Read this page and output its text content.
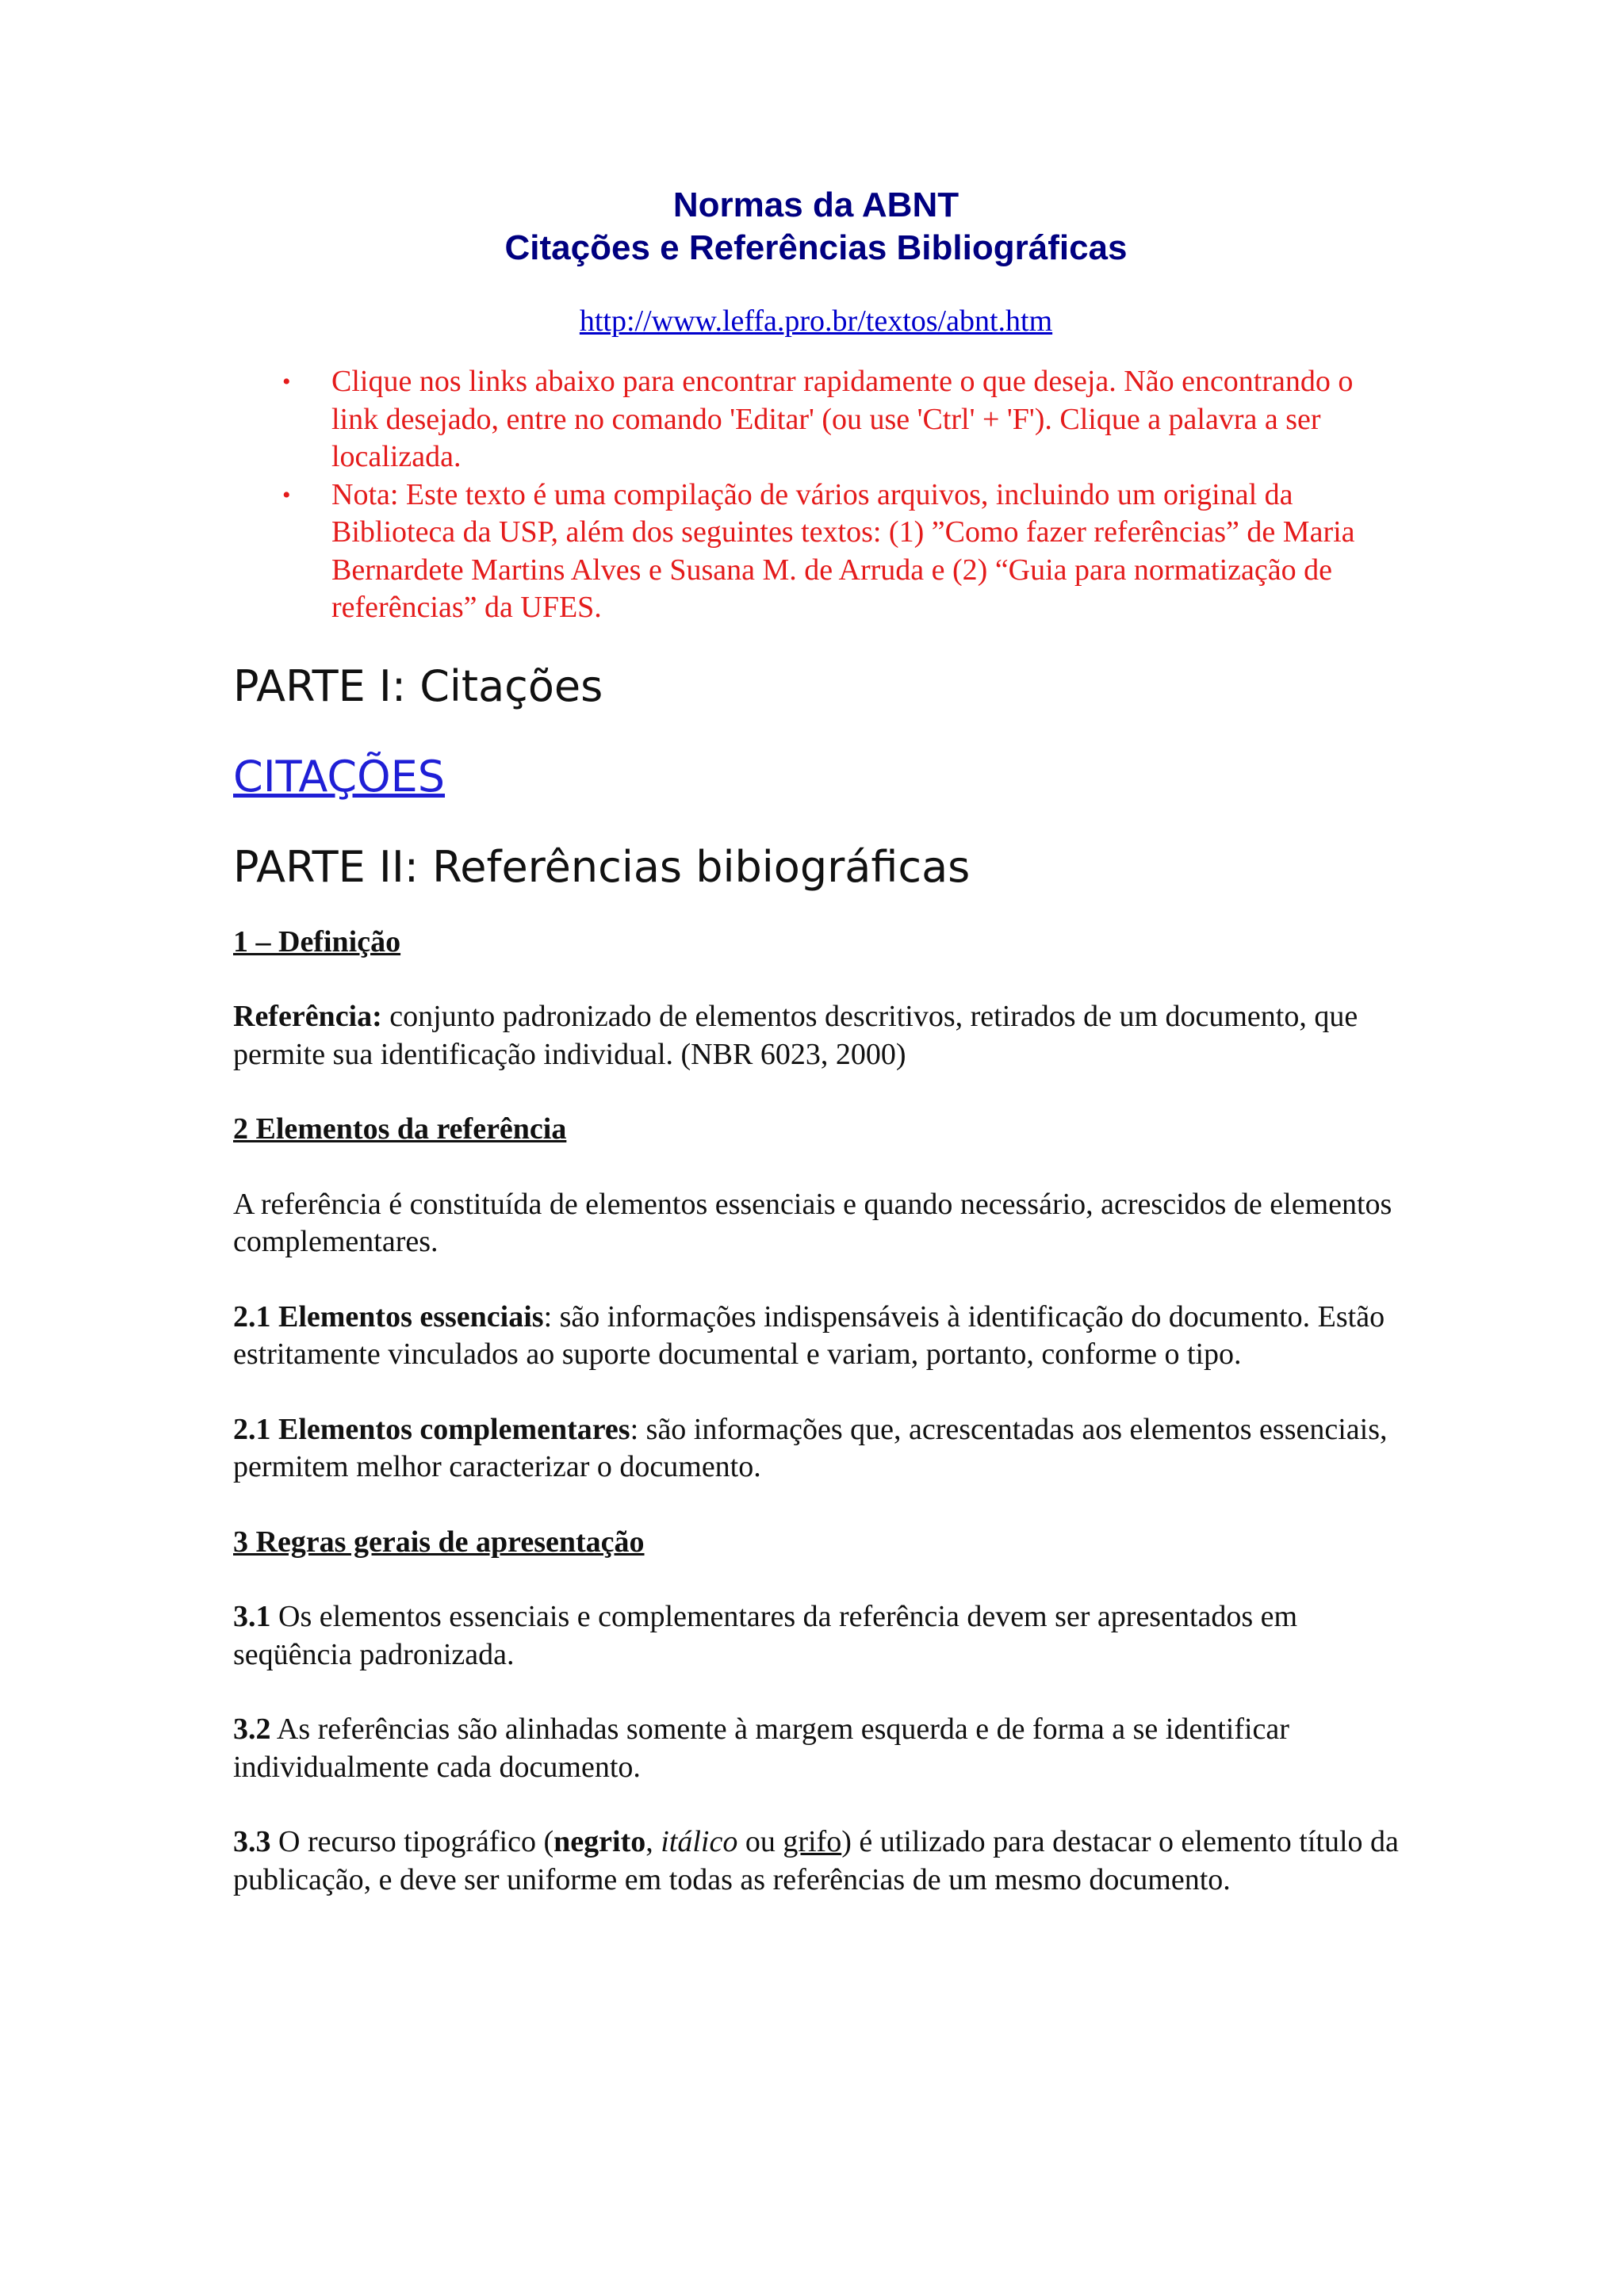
Normas da ABNT
Citações e Referências Bibliográficas
http://www.leffa.pro.br/textos/abnt.htm
• Clique nos links abaixo para encontrar rapidamente o que deseja. Não encontrando o link desejado, entre no comando 'Editar' (ou use 'Ctrl' + 'F'). Clique a palavra a ser localizada.
• Nota: Este texto é uma compilação de vários arquivos, incluindo um original da Biblioteca da USP, além dos seguintes textos: (1) ”Como fazer referências” de Maria Bernardete Martins Alves e Susana M. de Arruda e (2) “Guia para normatização de referências” da UFES.
PARTE I: Citações
CITAÇÕES
PARTE II: Referências bibiográficas

1 – Definição

Referência: conjunto padronizado de elementos descritivos, retirados de um documento, que permite sua identificação individual. (NBR 6023, 2000)

2 Elementos da referência

A referência é constituída de elementos essenciais e quando necessário, acrescidos de elementos complementares.

2.1 Elementos essenciais: são informações indispensáveis à identificação do documento. Estão estritamente vinculados ao suporte documental e variam, portanto, conforme o tipo.

2.1 Elementos complementares: são informações que, acrescentadas aos elementos essenciais, permitem melhor caracterizar o documento.

3 Regras gerais de apresentação

3.1 Os elementos essenciais e complementares da referência devem ser apresentados em seqüência padronizada.

3.2 As referências são alinhadas somente à margem esquerda e de forma a se identificar individualmente cada documento.

3.3 O recurso tipográfico (negrito, itálico ou grifo) é utilizado para destacar o elemento título da publicação, e deve ser uniforme em todas as referências de um mesmo documento.
